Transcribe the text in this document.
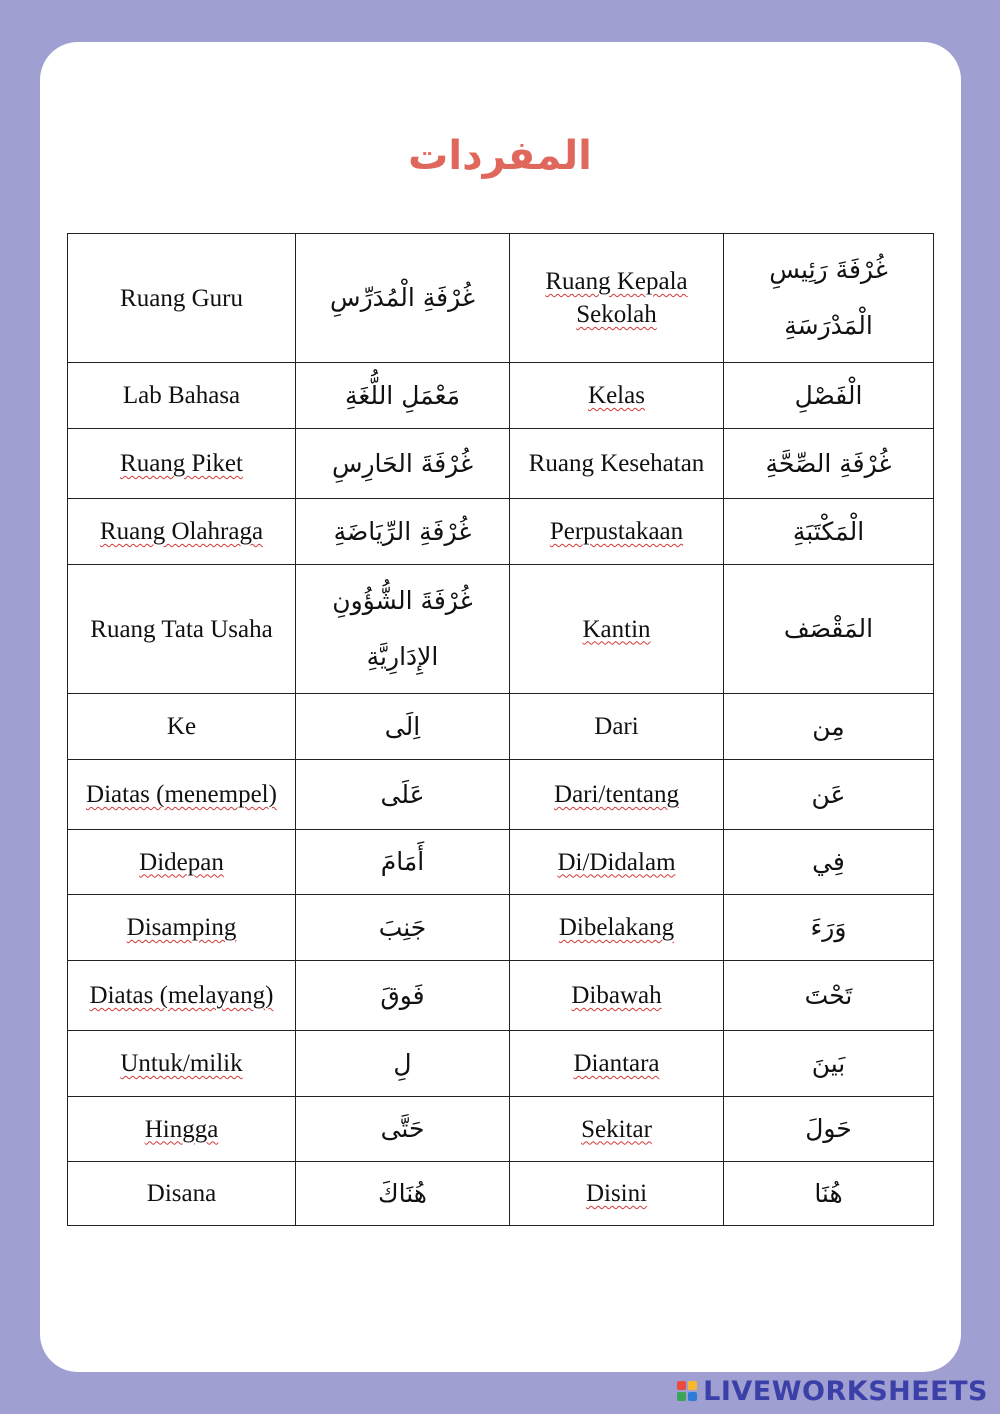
المفردات
Ruang Guru	غُرْفَةِ الْمُدَرِّسِ	Ruang Kepala Sekolah	غُرْفَةَ رَئِيسِ الْمَدْرَسَةِ
Lab Bahasa	مَعْمَلِ اللُّغَةِ	Kelas	الْفَصْلِ
Ruang Piket	غُرْفَةَ الحَارِسِ	Ruang Kesehatan	غُرْفَةِ الصِّحَّةِ
Ruang Olahraga	غُرْفَةِ الرِّيَاضَةِ	Perpustakaan	الْمَكْتَبَةِ
Ruang Tata Usaha	غُرْفَةَ الشُّؤُونِ الإِدَارِيَّةِ	Kantin	المَقْصَف
Ke	اِلَى	Dari	مِن
Diatas (menempel)	عَلَى	Dari/tentang	عَن
Didepan	أَمَامَ	Di/Didalam	فِي
Disamping	جَنِبَ	Dibelakang	وَرَءَ
Diatas (melayang)	فَوقَ	Dibawah	تَحْتَ
Untuk/milik	لِ	Diantara	بَينَ
Hingga	حَتَّى	Sekitar	حَولَ
Disana	هُنَاكَ	Disini	هُنَا
LIVEWORKSHEETS
